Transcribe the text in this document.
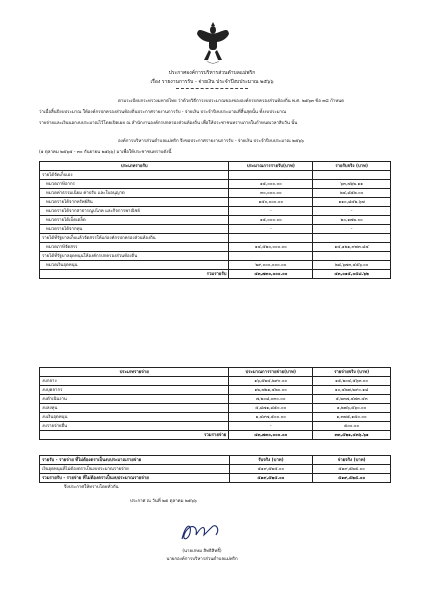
ประกาศองค์การบริหารส่วนตำบลแม่พริก
เรื่อง รายงานการรับ - จ่ายเงิน ประจำปีงบประมาณ ๒๕๖๖
ตามระเบียบกระทรวงมหาดไทย ว่าด้วยวิธีการงบประมาณของขององค์กรปกครองส่วนท้องถิ่น พ.ศ. ๒๕๖๓ ข้อ ๓๘ กำหนด
ว่าเมื่อสิ้นปีงบประมาณ ให้องค์กรปกครองส่วนท้องถิ่นประกาศรายงานการรับ - จ่ายเงิน ประจำปีงบประมาณที่สิ้นสุดนั้น ทั้งงบประมาณ
รายจ่ายและเงินนอกงบประมาณไว้โดยเปิดเผย ณ สำนักงานองค์กรปกครองส่วนท้องถิ่น เพื่อให้ประชาชนทราบภายในกำหนดเวลาสิบวัน นั้น
องค์การบริหารส่วนตำบลแม่พริก จึงขอประกาศรายงานการรับ - จ่ายเงิน ประจำปีงบประมาณ ๒๕๖๖
(๑ ตุลาคม ๒๕๖๕ - ๓๐ กันยายน ๒๕๖๖) มาเพื่อให้ประชาชนทราบดังนี้
ประเภทรายรับ	ประมาณการรายรับ(บาท)	รายรับจริง (บาท)
รายได้จัดเก็บเอง		
หมวดภาษีอากร	๑๕,๐๐๐.๐๐	๖๓,๗๖๒.๑๑
หมวดค่าธรรมเนียม ค่าปรับ และใบอนุญาต	๓๐,๐๐๐.๐๐	๒๔,๘๕๒.๐๐
หมวดรายได้จากทรัพย์สิน	๑๕๐,๐๐๐.๐๐	๑๑๐,๘๔๒.๖๗
หมวดรายได้จากสาธารณูปโภค และกิจการพาณิชย์	-	-
หมวดรายได้เบ็ดเตล็ด	๑๕,๐๐๐.๐๐	๒๐,๑๗๒.๐๐
หมวดรายได้จากทุน	-	-
รายได้ที่รัฐบาลเก็บแล้วจัดสรรให้แก่องค์กรปกครองส่วนท้องถิ่น		
หมวดภาษีจัดสรร	๑๔,๕๒๐,๐๐๐.๐๐	๑๔,๑๒๑,๙๗๓.๘๔
รายได้ที่รัฐบาลอุดหนุนให้องค์กรปกครองส่วนท้องถิ่น		
หมวดเงินอุดหนุน	๒๙,๐๐๐,๐๐๐.๐๐	๒๘,๖๗๓,๔๕๖.๐๐
รวมรายรับ	๔๓,๗๓๐,๐๐๐.๐๐	๔๓,๐๑๕,๐๕๘.๖๒
ประเภทรายจ่าย	ประมาณการรายจ่าย(บาท)	รายจ่ายจริง (บาท)
งบกลาง	๑๖,๕๒๔,๒๙๐.๐๐	๑๕,๒๐๔,๕๖๓.๐๐
งบบุคลากร	๑๒,๗๒๑,๔๒๐.๐๐	๑๐,๔๒๗,๒๙๐.๑๘
งบดำเนินงาน	๗,๒๐๘,๐๓๐.๐๐	๕,๒๓๗,๔๗๓.๔๓
งบลงทุน	๕,๘๗๑,๘๕๐.๐๐	๑,๒๗๖,๕๖๐.๐๐
งบเงินอุดหนุน	๑,๔๙๗,๕๐๐.๐๐	๑,๓๗๕,๑๕๐.๐๐
งบรายจ่ายอื่น	-	๕๐๐.๐๐
รวมรายจ่าย	๔๓,๗๓๐,๐๐๐.๐๐	๓๓,๕๒๑,๔๓๖.๖๑
รายรับ - รายจ่าย ที่ไม่ต้องตราเป็นงบประมาณรายจ่าย	รับจริง (บาท)	จ่ายจริง (บาท)
เงินอุดหนุนที่ไม่ต้องตราเป็นงบประมาณรายจ่าย	๕๑๙,๕๒๕.๐๐	๕๑๙,๕๒๕.๐๐
รวมรายรับ - รายจ่าย ที่ไม่ต้องตราเป็นงบประมาณรายจ่าย	๕๑๙,๕๒๕.๐๐	๕๑๙,๕๒๕.๐๐
จึงประกาศให้ทราบโดยทั่วกัน
ประกาศ ณ วันที่ ๒๕ ตุลาคม ๒๕๖๖
(นายเกษม สิทธิสิทธิ์)
นายกองค์การบริหารส่วนตำบลแม่พริก
